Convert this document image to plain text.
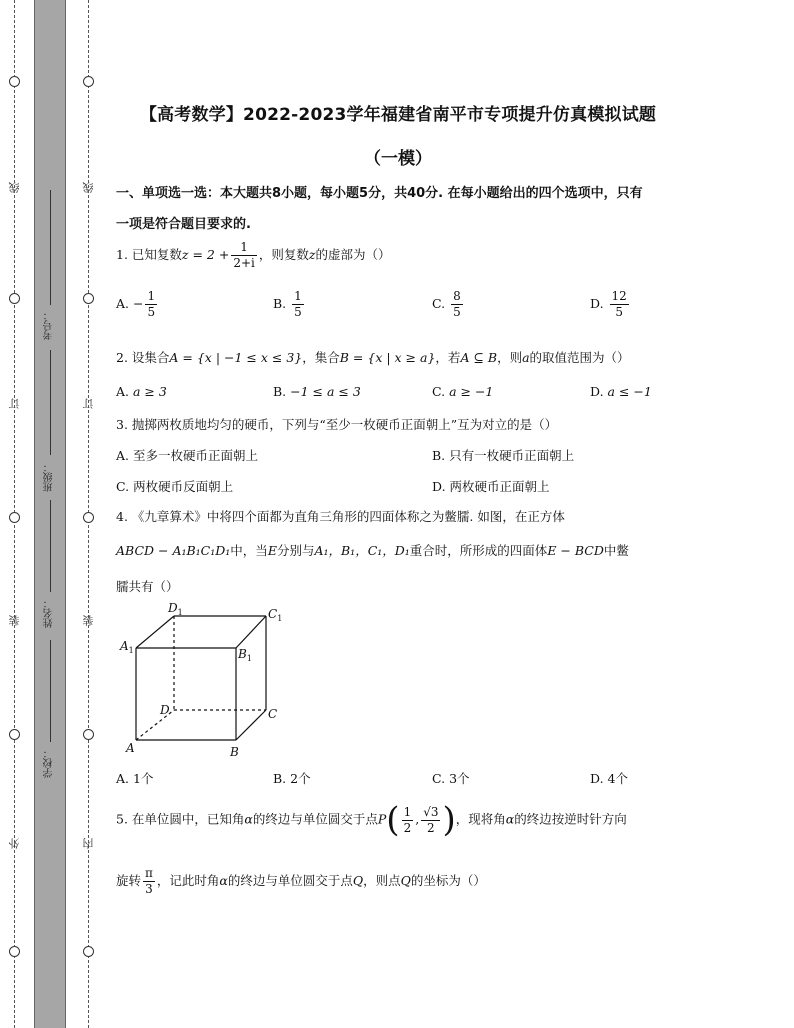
线
订
装
外
线
订
装
内
考号：
班级：
姓名：
学校：
【高考数学】2022-2023学年福建省南平市专项提升仿真模拟试题
（一模）
一、单项选一选：本大题共8小题，每小题5分，共40分. 在每小题给出的四个选项中，只有
一项是符合题目要求的.
1. 已知复数$z = 2 + \frac{1}{2+i}$ ，则复数z的虚部为（）
A. − $\frac{1}{5}$	B. $\frac{1}{5}$	C. $\frac{8}{5}$	D. $\frac{12}{5}$
2. 设集合A = {x | −1 ≤ x ≤ 3}，集合B = {x | x ≥ a}，若A ⊆ B，则a的取值范围为（）
A. a ≥ 3	B. −1 ≤ a ≤ 3	C. a ≥ −1	D. a ≤ −1
3. 抛掷两枚质地均匀的硬币，下列与“至少一枚硬币正面朝上”互为对立的是（）
A. 至多一枚硬币正面朝上	B. 只有一枚硬币正面朝上
C. 两枚硬币反面朝上	D. 两枚硬币正面朝上
4. 《九章算术》中将四个面都为直角三角形的四面体称之为鳖臑. 如图，在正方体
ABCD − A₁B₁C₁D₁中，当E分别与A₁，B₁，C₁，D₁重合时，所形成的四面体E − BCD中鳖
臑共有（）
$D_1$	$C_1$
$A_1$	$B_1$
D	C
A	B
A. 1个	B. 2个	C. 3个	D. 4个
5. 在单位圆中，已知角α的终边与单位圆交于点$P( \frac{1}{2}$ , $\frac{√3}{2}$ )，现将角α的终边按逆时针方向
旋转 $\frac{\pi}{3}$ ，记此时角α的终边与单位圆交于点Q，则点Q的坐标为（）
